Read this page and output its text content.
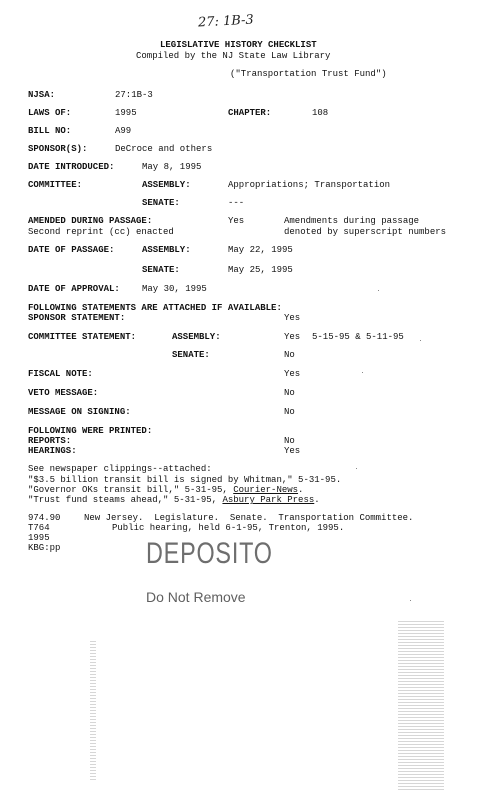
27: 1B-3
LEGISLATIVE HISTORY CHECKLIST
Compiled by the NJ State Law Library
("Transportation Trust Fund")
NJSA:	27:1B-3
LAWS OF:	1995	CHAPTER:	108
BILL NO:	A99
SPONSOR(S):	DeCroce and others
DATE INTRODUCED:	May 8, 1995
COMMITTEE:	ASSEMBLY:	Appropriations; Transportation
SENATE:	---
AMENDED DURING PASSAGE:	Yes	Amendments during passage
Second reprint (cc) enacted	denoted by superscript numbers
DATE OF PASSAGE:	ASSEMBLY:	May 22, 1995
SENATE:	May 25, 1995
DATE OF APPROVAL: May 30, 1995
FOLLOWING STATEMENTS ARE ATTACHED IF AVAILABLE:
SPONSOR STATEMENT:	Yes
COMMITTEE STATEMENT:	ASSEMBLY:	Yes 5-15-95 & 5-11-95
SENATE:	No
FISCAL NOTE:	Yes
VETO MESSAGE:	No
MESSAGE ON SIGNING:	No
FOLLOWING WERE PRINTED:
REPORTS:	No
HEARINGS:	Yes
See newspaper clippings--attached:
"$3.5 billion transit bill is signed by Whitman," 5-31-95.
"Governor OKs transit bill," 5-31-95, Courier-News.
"Trust fund steams ahead," 5-31-95, Asbury Park Press.
974.90	New Jersey.  Legislature.  Senate.  Transportation Committee.
T764	Public hearing, held 6-1-95, Trenton, 1995.
1995
KBG:pp	DEPOSITO
Do Not Remove
